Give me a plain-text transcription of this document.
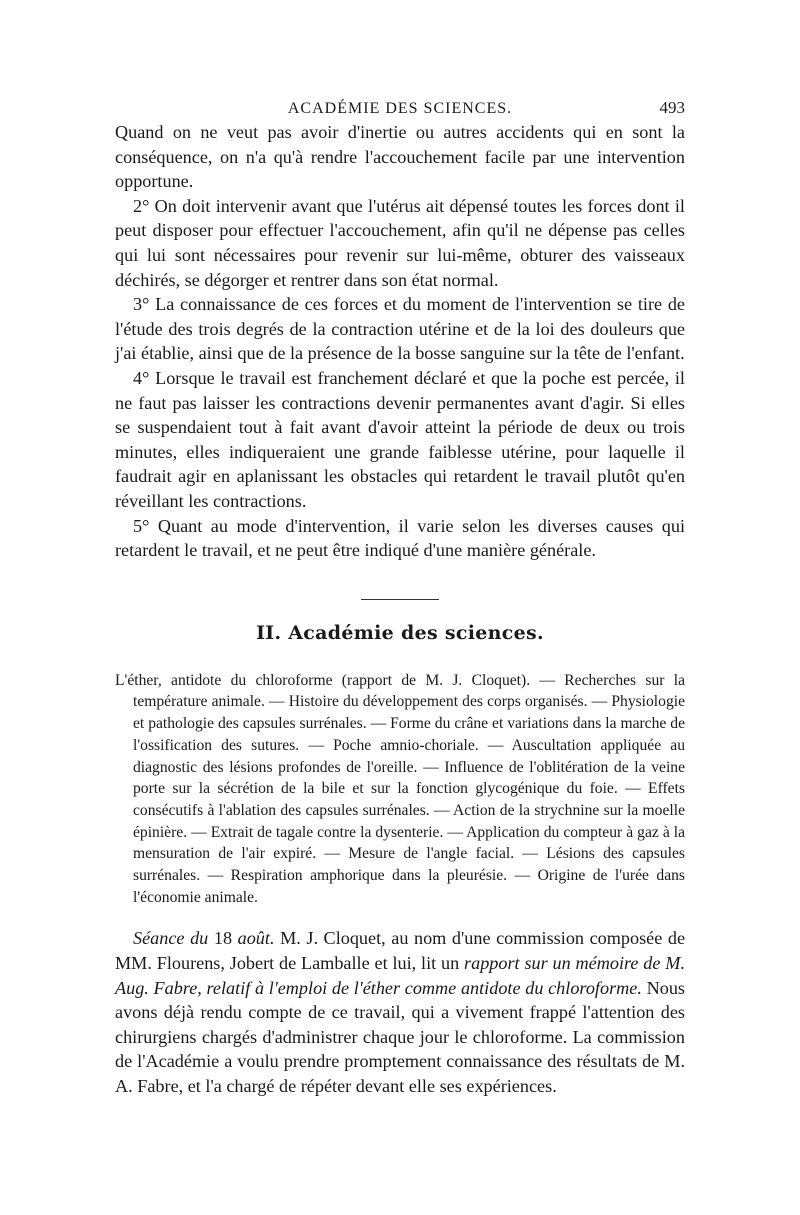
ACADÉMIE DES SCIENCES.	493

Quand on ne veut pas avoir d'inertie ou autres accidents qui en sont la conséquence, on n'a qu'à rendre l'accouchement facile par une intervention opportune.

2° On doit intervenir avant que l'utérus ait dépensé toutes les forces dont il peut disposer pour effectuer l'accouchement, afin qu'il ne dépense pas celles qui lui sont nécessaires pour revenir sur lui-même, obturer des vaisseaux déchirés, se dégorger et rentrer dans son état normal.

3° La connaissance de ces forces et du moment de l'intervention se tire de l'étude des trois degrés de la contraction utérine et de la loi des douleurs que j'ai établie, ainsi que de la présence de la bosse sanguine sur la tête de l'enfant.

4° Lorsque le travail est franchement déclaré et que la poche est percée, il ne faut pas laisser les contractions devenir permanentes avant d'agir. Si elles se suspendaient tout à fait avant d'avoir atteint la période de deux ou trois minutes, elles indiqueraient une grande faiblesse utérine, pour laquelle il faudrait agir en aplanissant les obstacles qui retardent le travail plutôt qu'en réveillant les contractions.

5° Quant au mode d'intervention, il varie selon les diverses causes qui retardent le travail, et ne peut être indiqué d'une manière générale.

II. Académie des sciences.

L'éther, antidote du chloroforme (rapport de M. J. Cloquet). — Recherches sur la température animale. — Histoire du développement des corps organisés. — Physiologie et pathologie des capsules surrénales. — Forme du crâne et variations dans la marche de l'ossification des sutures. — Poche amnio-choriale. — Auscultation appliquée au diagnostic des lésions profondes de l'oreille. — Influence de l'oblitération de la veine porte sur la sécrétion de la bile et sur la fonction glycogénique du foie. — Effets consécutifs à l'ablation des capsules surrénales. — Action de la strychnine sur la moelle épinière. — Extrait de tagale contre la dysenterie. — Application du compteur à gaz à la mensuration de l'air expiré. — Mesure de l'angle facial. — Lésions des capsules surrénales. — Respiration amphorique dans la pleurésie. — Origine de l'urée dans l'économie animale.

Séance du 18 août. M. J. Cloquet, au nom d'une commission composée de MM. Flourens, Jobert de Lamballe et lui, lit un rapport sur un mémoire de M. Aug. Fabre, relatif à l'emploi de l'éther comme antidote du chloroforme. Nous avons déjà rendu compte de ce travail, qui a vivement frappé l'attention des chirurgiens chargés d'administrer chaque jour le chloroforme. La commission de l'Académie a voulu prendre promptement connaissance des résultats de M. A. Fabre, et l'a chargé de répéter devant elle ses expériences.
